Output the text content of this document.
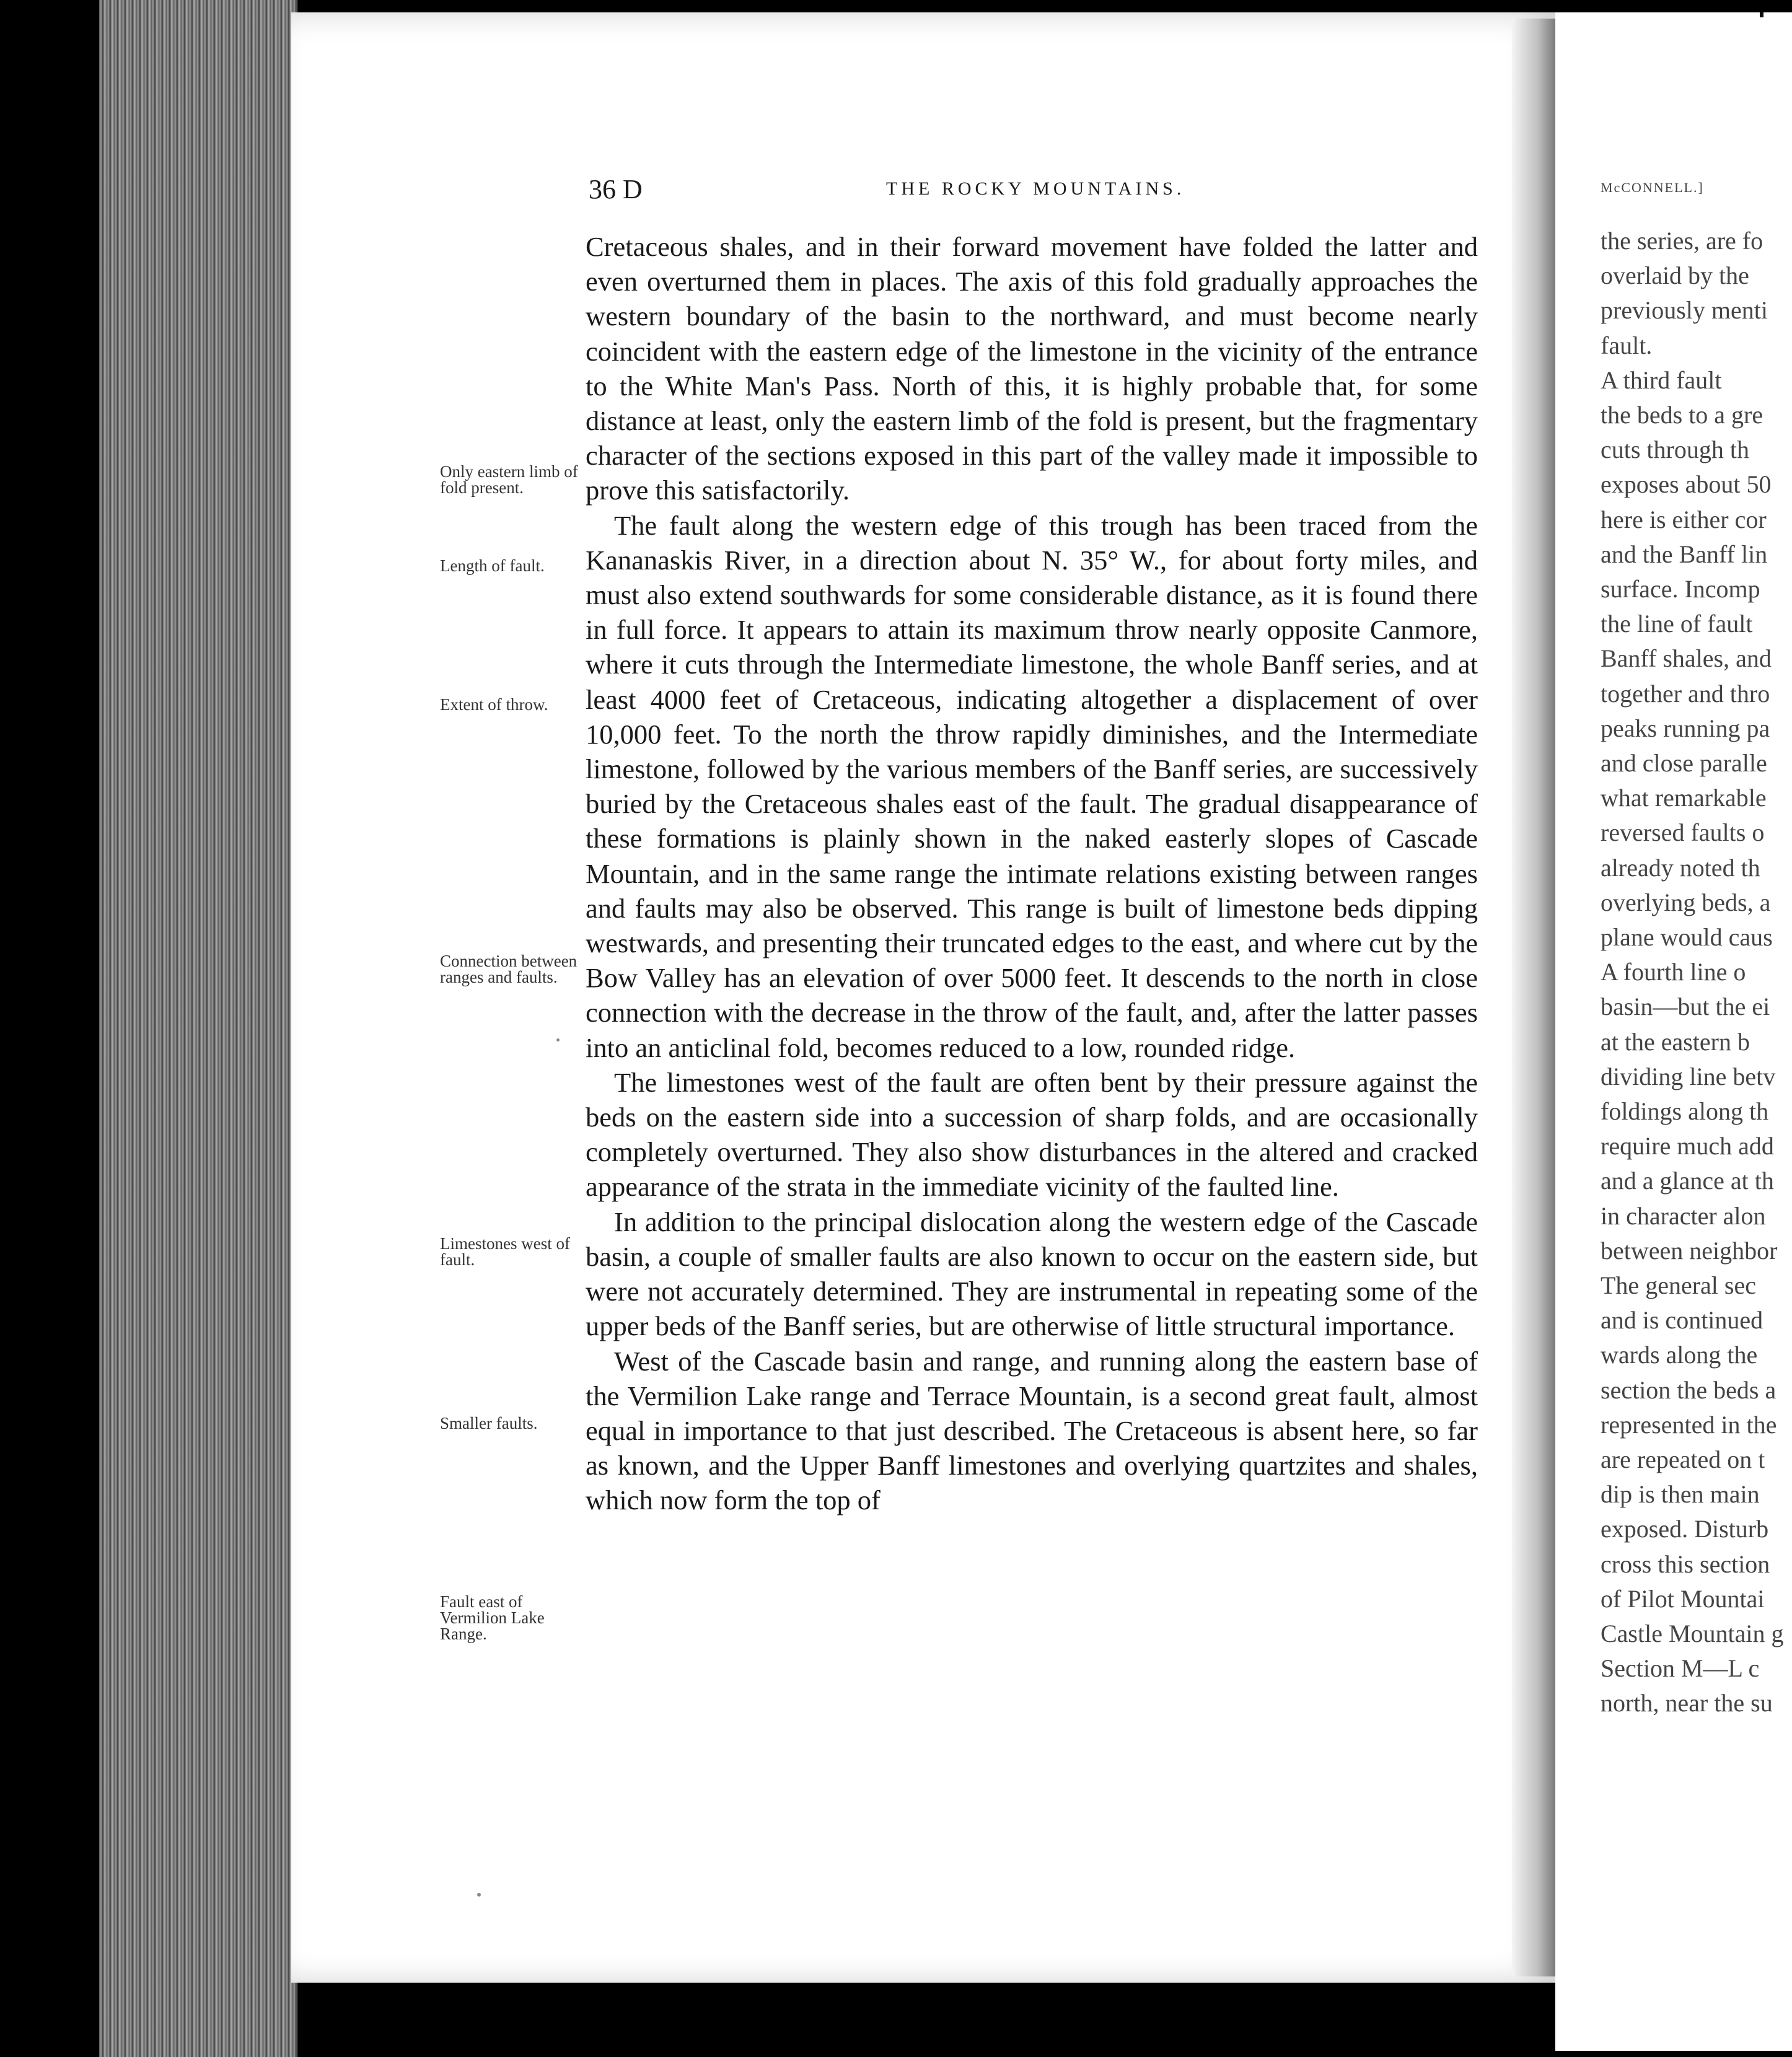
36 D	THE ROCKY MOUNTAINS.
Only eastern limb of fold present.
Length of fault.
Extent of throw.
Connection between ranges and faults.
Limestones west of fault.
Smaller faults.
Fault east of Vermilion Lake Range.

Cretaceous shales, and in their forward movement have folded the latter and even overturned them in places. The axis of this fold gradually approaches the western boundary of the basin to the northward, and must become nearly coincident with the eastern edge of the limestone in the vicinity of the entrance to the White Man's Pass. North of this, it is highly probable that, for some distance at least, only the eastern limb of the fold is present, but the fragmentary character of the sections exposed in this part of the valley made it impossible to prove this satisfactorily.

The fault along the western edge of this trough has been traced from the Kananaskis River, in a direction about N. 35° W., for about forty miles, and must also extend southwards for some considerable distance, as it is found there in full force. It appears to attain its maximum throw nearly opposite Canmore, where it cuts through the Intermediate limestone, the whole Banff series, and at least 4000 feet of Cretaceous, indicating altogether a displacement of over 10,000 feet. To the north the throw rapidly diminishes, and the Intermediate limestone, followed by the various members of the Banff series, are successively buried by the Cretaceous shales east of the fault. The gradual disappearance of these formations is plainly shown in the naked easterly slopes of Cascade Mountain, and in the same range the intimate relations existing between ranges and faults may also be observed. This range is built of limestone beds dipping westwards, and presenting their truncated edges to the east, and where cut by the Bow Valley has an elevation of over 5000 feet. It descends to the north in close connection with the decrease in the throw of the fault, and, after the latter passes into an anticlinal fold, becomes reduced to a low, rounded ridge.

The limestones west of the fault are often bent by their pressure against the beds on the eastern side into a succession of sharp folds, and are occasionally completely overturned. They also show disturbances in the altered and cracked appearance of the strata in the immediate vicinity of the faulted line.

In addition to the principal dislocation along the western edge of the Cascade basin, a couple of smaller faults are also known to occur on the eastern side, but were not accurately determined. They are instrumental in repeating some of the upper beds of the Banff series, but are otherwise of little structural importance.

West of the Cascade basin and range, and running along the eastern base of the Vermilion Lake range and Terrace Mountain, is a second great fault, almost equal in importance to that just described. The Cretaceous is absent here, so far as known, and the Upper Banff limestones and overlying quartzites and shales, which now form the top of

McCONNELL.]
the series, are fo
overlaid by the
previously menti
fault.
A third fault
the beds to a gre
cuts through th
exposes about 50
here is either cor
and the Banff lin
surface. Incomp
the line of fault
Banff shales, and
together and thro
peaks running pa
and close paralle
what remarkable
reversed faults o
already noted th
overlying beds, a
plane would caus
A fourth line o
basin—but the ei
at the eastern b
dividing line betv
foldings along th
require much add
and a glance at th
in character alon
between neighbor
The general sec
and is continued
wards along the
section the beds a
represented in the
are repeated on t
dip is then main
exposed. Disturb
cross this section
of Pilot Mountai
Castle Mountain g
Section M—L c
north, near the su
